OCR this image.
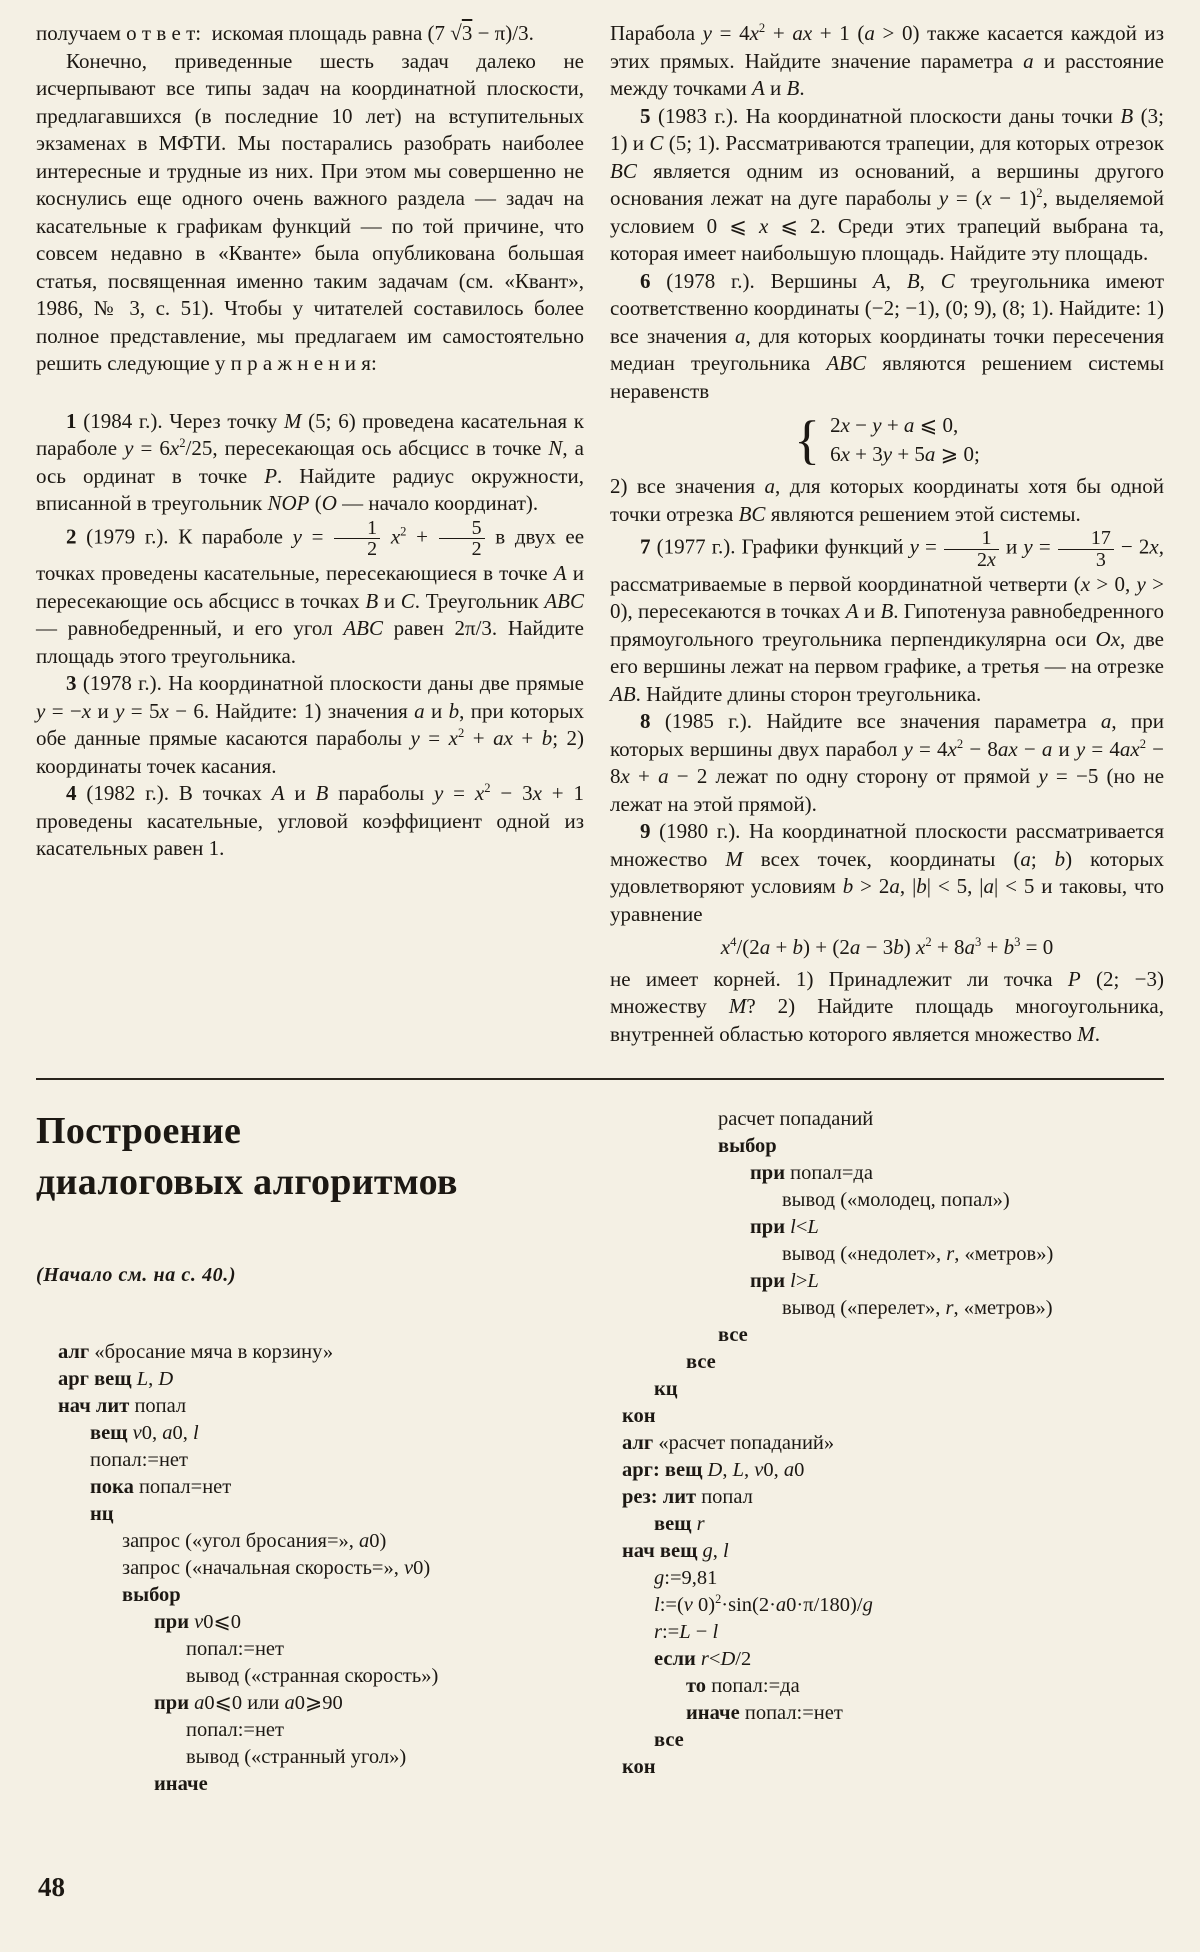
получаем о т в е т:  искомая площадь равна (7 √3 − π)/3.

Конечно, приведенные шесть задач далеко не исчерпывают все типы задач на координатной плоскости, предлагавшихся (в последние 10 лет) на вступительных экзаменах в МФТИ. Мы постарались разобрать наиболее интересные и трудные из них. При этом мы совершенно не коснулись еще одного очень важного раздела — задач на касательные к графикам функций — по той причине, что совсем недавно в «Кванте» была опубликована большая статья, посвященная именно таким задачам (см. «Квант», 1986, № 3, с. 51). Чтобы у читателей составилось более полное представление, мы предлагаем им самостоятельно решить следующие у п р а ж н е н и я:

1 (1984 г.). Через точку M (5; 6) проведена касательная к параболе $y = 6x^2/25$, пересекающая ось абсцисс в точке N, а ось ординат в точке P. Найдите радиус окружности, вписанной в треугольник NOP (O — начало координат).

2 (1979 г.). К параболе $y = \frac{1}{2} x^2 + \frac{5}{2}$ в двух ее точках проведены касательные, пересекающиеся в точке A и пересекающие ось абсцисс в точках B и C. Треугольник ABC — равнобедренный, и его угол ABC равен 2π/3. Найдите площадь этого треугольника.

3 (1978 г.). На координатной плоскости даны две прямые y = −x и y = 5x − 6. Найдите: 1) значения a и b, при которых обе данные прямые касаются параболы $y = x^2$ + ax + b; 2) координаты точек касания.

4 (1982 г.). В точках A и B параболы $y = x^2 - 3x + 1$ проведены касательные, угловой коэффициент одной из касательных равен 1.

Парабола $y = 4x^2$ + ax + 1 (a > 0) также касается каждой из этих прямых. Найдите значение параметра a и расстояние между точками A и B.

5 (1983 г.). На координатной плоскости даны точки B (3; 1) и C (5; 1). Рассматриваются трапеции, для которых отрезок BC является одним из оснований, а вершины другого основания лежат на дуге параболы $y = (x - 1)^2$, выделяемой условием 0 ⩽ x ⩽ 2. Среди этих трапеций выбрана та, которая имеет наибольшую площадь. Найдите эту площадь.

6 (1978 г.). Вершины A, B, C треугольника имеют соответственно координаты (−2; −1), (0; 9), (8; 1). Найдите: 1) все значения a, для которых координаты точки пересечения медиан треугольника ABC являются решением системы неравенств

{ 2x − y + a ⩽ 0,
6x + 3y + 5a ⩾ 0;

2) все значения a, для которых координаты хотя бы одной точки отрезка BC являются решением этой системы.

7 (1977 г.). Графики функций $y = \frac{1}{2x}$ и $y = \frac{17}{3} - 2x$, рассматриваемые в первой координатной четверти (x > 0, y > 0), пересекаются в точках A и B. Гипотенуза равнобедренного прямоугольного треугольника перпендикулярна оси Ox, две его вершины лежат на первом графике, а третья — на отрезке AB. Найдите длины сторон треугольника.

8 (1985 г.). Найдите все значения параметра a, при которых вершины двух парабол $y = 4x^2 - 8ax - a$ и $y = 4ax^2 - 8x + a - 2$ лежат по одну сторону от прямой y = −5 (но не лежат на этой прямой).

9 (1980 г.). На координатной плоскости рассматривается множество M всех точек, координаты (a; b) которых удовлетворяют условиям b > 2a, |b| < 5, |a| < 5 и таковы, что уравнение

$x^4/(2a + b) + (2a - 3b) x^2 + 8a^3 + b^3 = 0$

не имеет корней. 1) Принадлежит ли точка P (2; −3) множеству M? 2) Найдите площадь многоугольника, внутренней областью которого является множество M.

Построение
диалоговых алгоритмов
(Начало см. на с. 40.)
алг «бросание мяча в корзину»
арг вещ L, D
нач лит попал
вещ v0, a0, l
попал:=нет
пока попал=нет
нц
запрос («угол бросания=», a0)
запрос («начальная скорость=», v0)
выбор
при v0⩽0
попал:=нет
вывод («странная скорость»)
при a0⩽0 или a0⩾90
попал:=нет
вывод («странный угол»)
иначе
расчет попаданий
выбор
при попал=да
вывод («молодец, попал»)
при l<L
вывод («недолет», r, «метров»)
при l>L
вывод («перелет», r, «метров»)
все
все
кц
кон
алг «расчет попаданий»
арг: вещ D, L, v0, a0
рез: лит попал
вещ r
нач вещ g, l
g:=9,81
l:=(v 0)$^2$·sin(2·a0·π/180)/g
r:=L − l
если r<D/2
то попал:=да
иначе попал:=нет
все
кон
48
